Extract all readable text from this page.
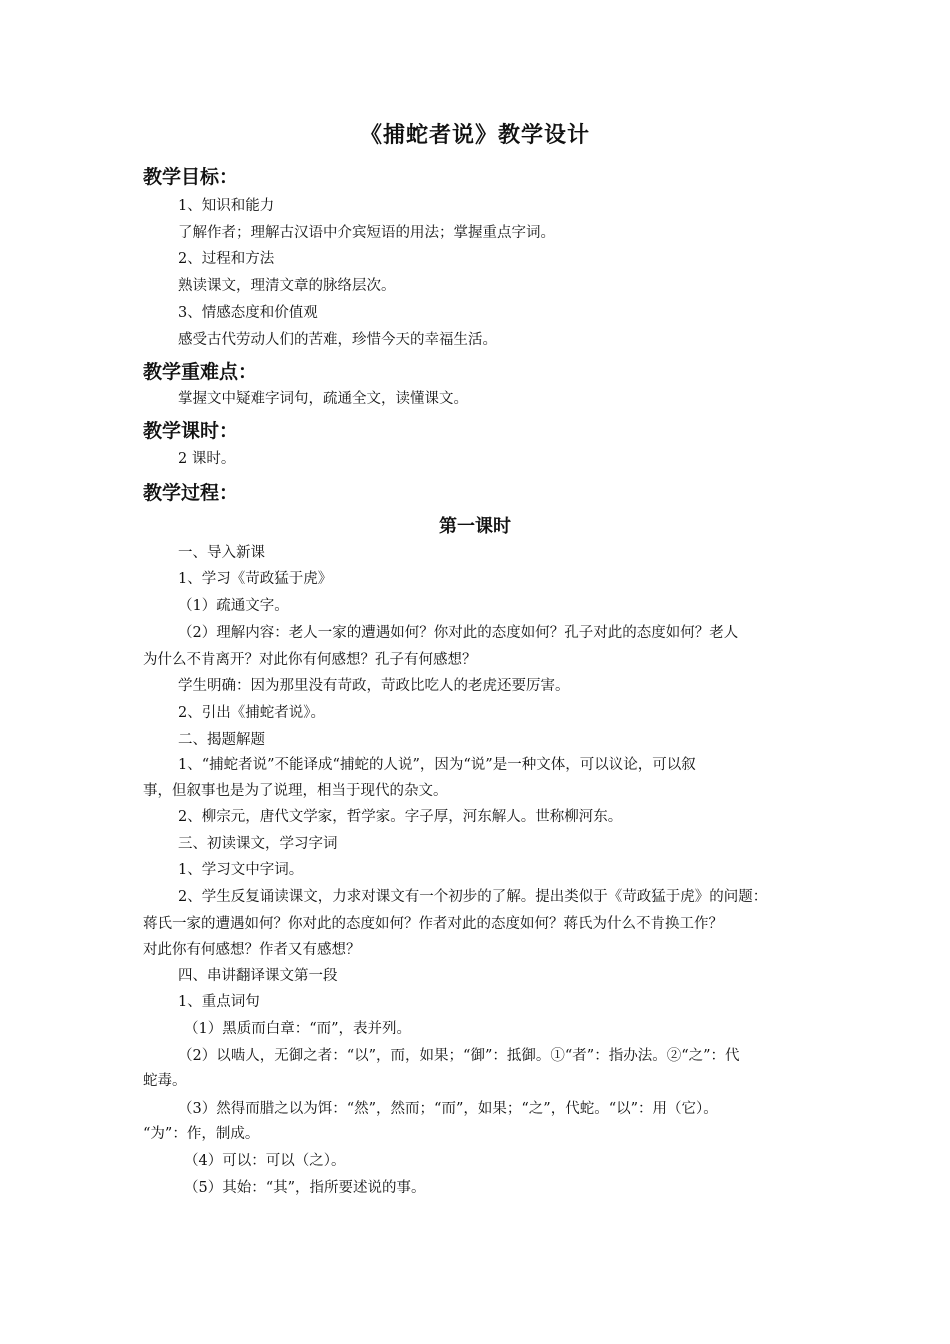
《捕蛇者说》教学设计
教学目标：
1、知识和能力
了解作者；理解古汉语中介宾短语的用法；掌握重点字词。
2、过程和方法
熟读课文，理清文章的脉络层次。
3、情感态度和价值观
感受古代劳动人们的苦难，珍惜今天的幸福生活。
教学重难点：
掌握文中疑难字词句，疏通全文，读懂课文。
教学课时：
2 课时。
教学过程：
第一课时
一、导入新课
1、学习《苛政猛于虎》
（1）疏通文字。
（2）理解内容：老人一家的遭遇如何？你对此的态度如何？孔子对此的态度如何？老人
为什么不肯离开？对此你有何感想？孔子有何感想？
学生明确：因为那里没有苛政，苛政比吃人的老虎还要厉害。
2、引出《捕蛇者说》。
二、揭题解题
1、“捕蛇者说”不能译成“捕蛇的人说”，因为“说”是一种文体，可以议论，可以叙
事，但叙事也是为了说理，相当于现代的杂文。
2、柳宗元，唐代文学家，哲学家。字子厚，河东解人。世称柳河东。
三、初读课文，学习字词
1、学习文中字词。
2、学生反复诵读课文，力求对课文有一个初步的了解。提出类似于《苛政猛于虎》的问题：
蒋氏一家的遭遇如何？你对此的态度如何？作者对此的态度如何？蒋氏为什么不肯换工作？
对此你有何感想？作者又有感想？
四、串讲翻译课文第一段
1、重点词句
（1）黑质而白章：“而”，表并列。
（2）以啮人，无御之者：“以”，而，如果；“御”：抵御。①“者”：指办法。②“之”：代
蛇毒。
（3）然得而腊之以为饵：“然”，然而；“而”，如果；“之”，代蛇。“以”：用（它）。
“为”：作，制成。
（4）可以：可以（之）。
（5）其始：“其”，指所要述说的事。
